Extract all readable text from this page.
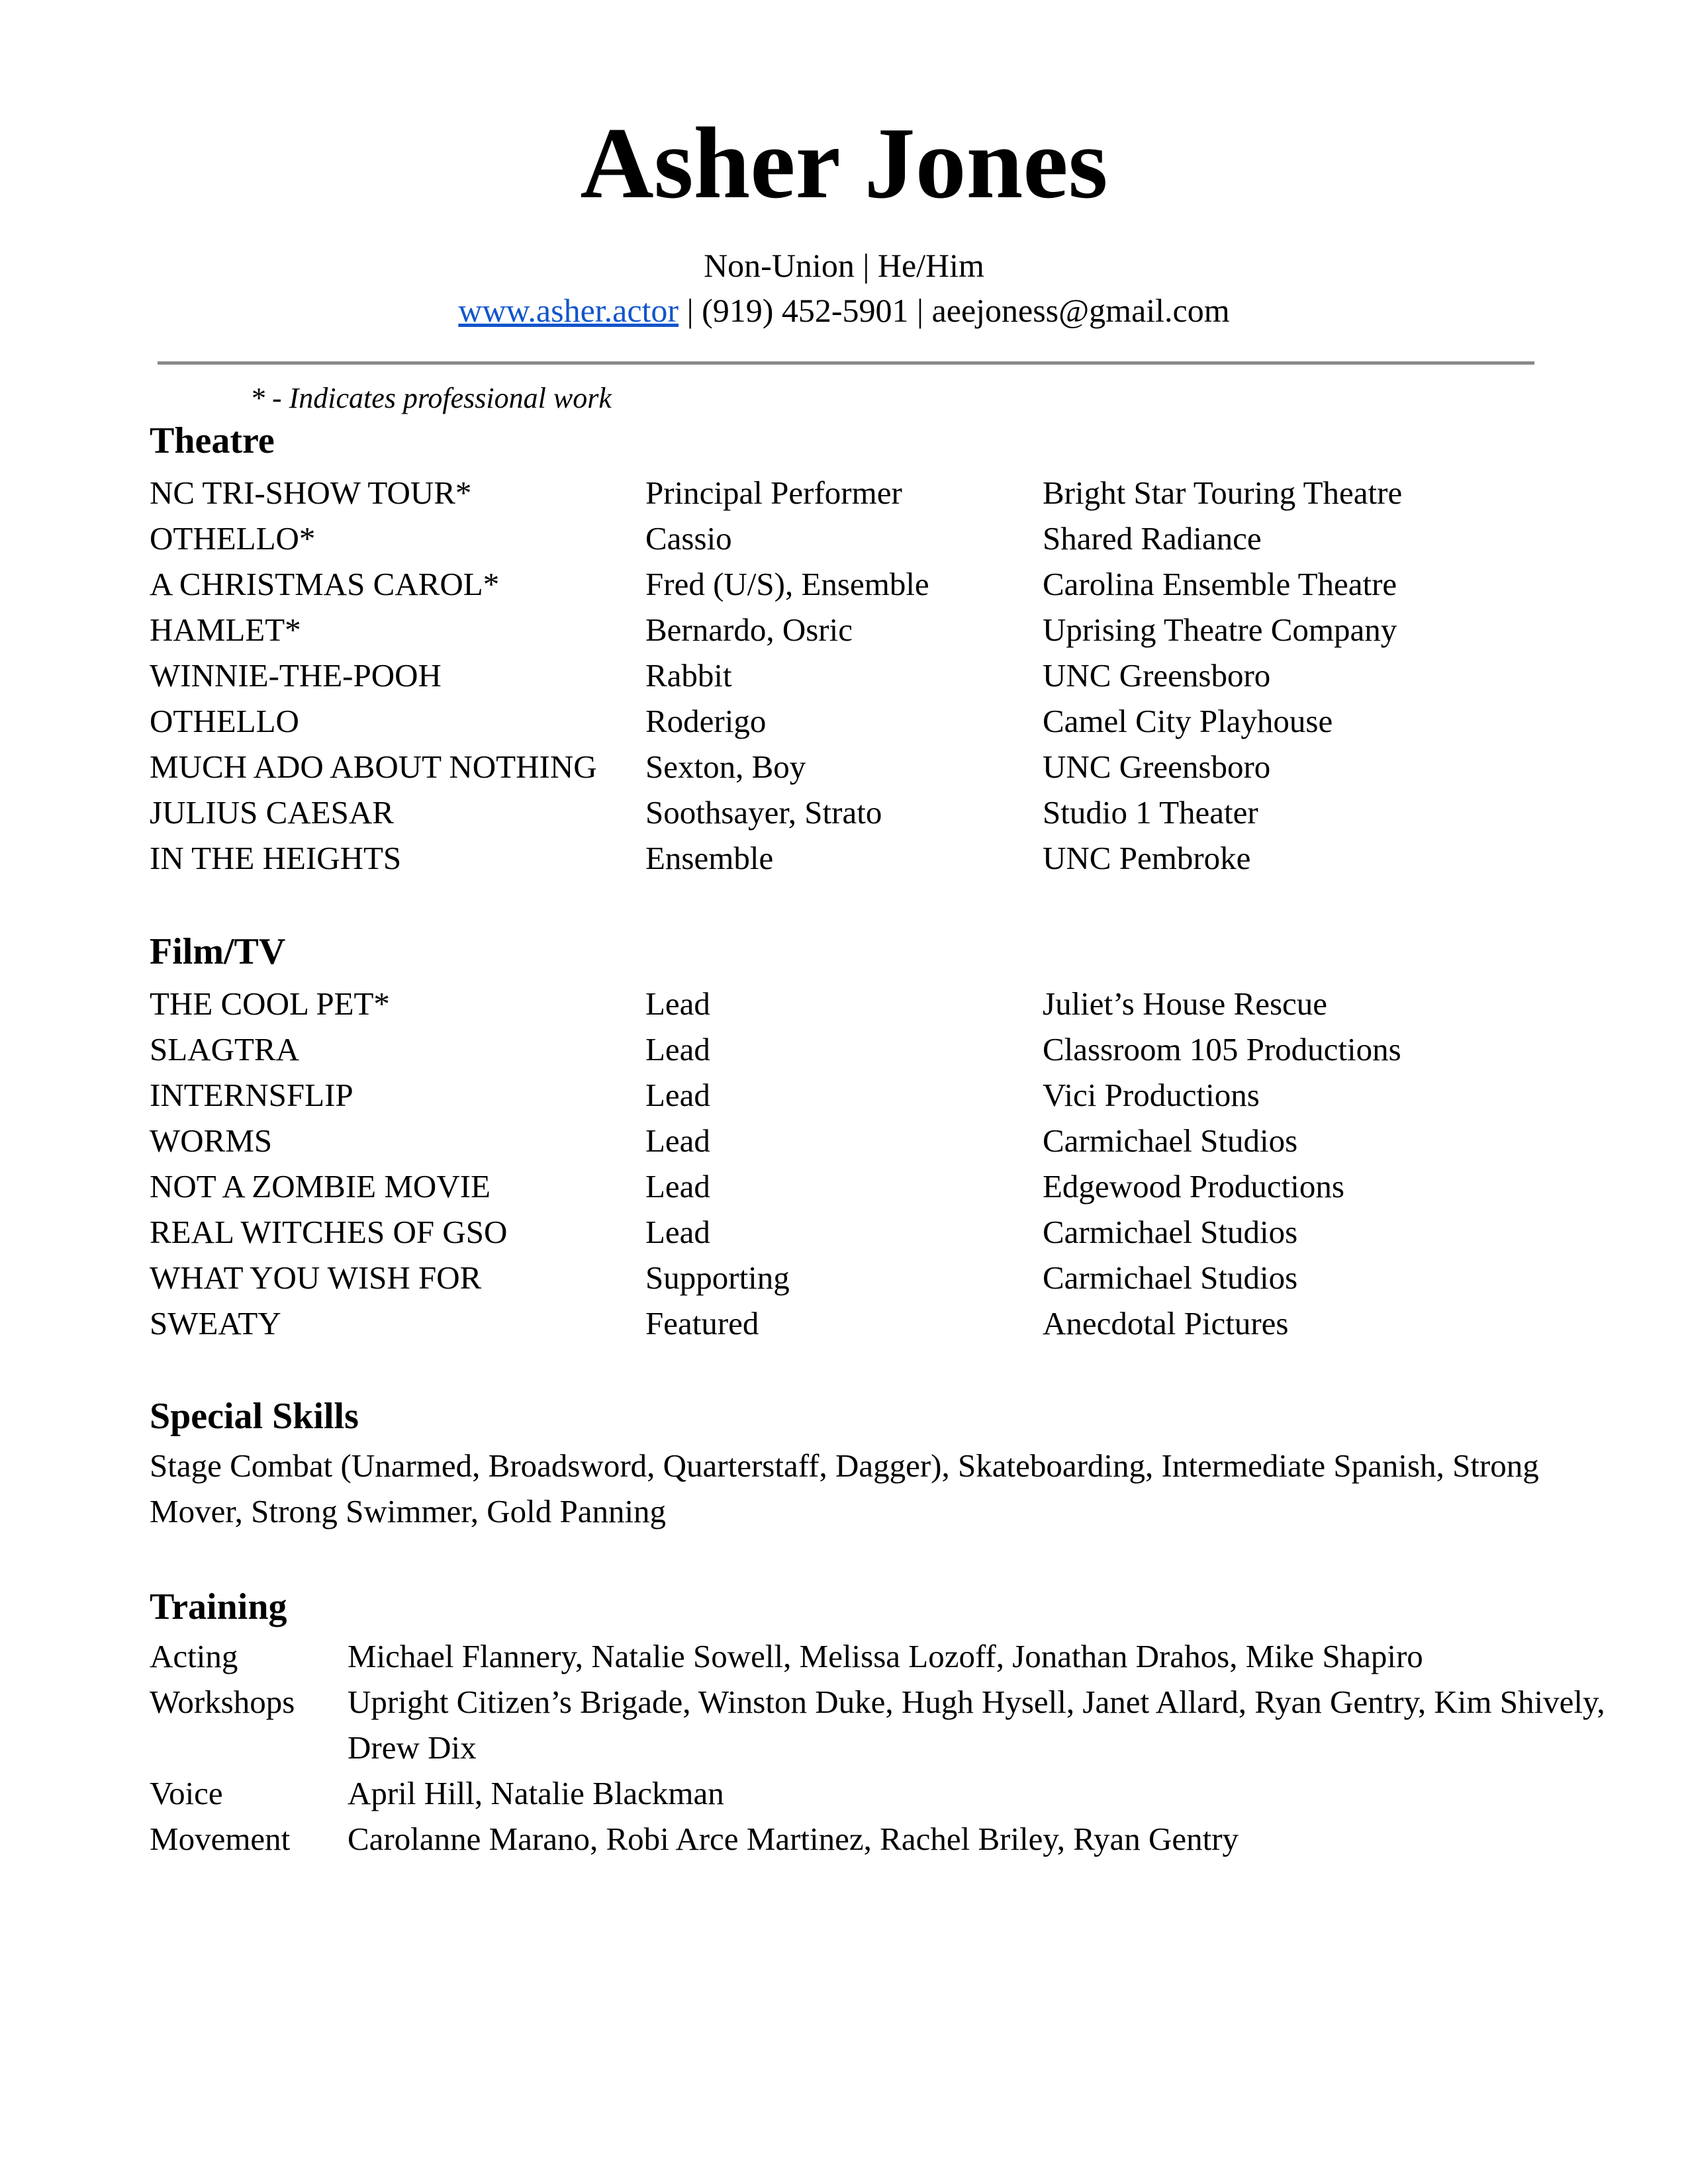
Asher Jones
Non-Union | He/Him
www.asher.actor | (919) 452-5901 | aeejoness@gmail.com
* - Indicates professional work
Theatre
NC TRI-SHOW TOUR*	Principal Performer	Bright Star Touring Theatre
OTHELLO*	Cassio	Shared Radiance
A CHRISTMAS CAROL*	Fred (U/S), Ensemble	Carolina Ensemble Theatre
HAMLET*	Bernardo, Osric	Uprising Theatre Company
WINNIE-THE-POOH	Rabbit	UNC Greensboro
OTHELLO	Roderigo	Camel City Playhouse
MUCH ADO ABOUT NOTHING Sexton, Boy	UNC Greensboro
JULIUS CAESAR	Soothsayer, Strato	Studio 1 Theater
IN THE HEIGHTS	Ensemble	UNC Pembroke
Film/TV
THE COOL PET*	Lead	Juliet’s House Rescue
SLAGTRA	Lead	Classroom 105 Productions
INTERNSFLIP	Lead	Vici Productions
WORMS	Lead	Carmichael Studios
NOT A ZOMBIE MOVIE	Lead	Edgewood Productions
REAL WITCHES OF GSO	Lead	Carmichael Studios
WHAT YOU WISH FOR	Supporting	Carmichael Studios
SWEATY	Featured	Anecdotal Pictures
Special Skills
Stage Combat (Unarmed, Broadsword, Quarterstaff, Dagger), Skateboarding, Intermediate Spanish, Strong Mover, Strong Swimmer, Gold Panning
Training
Acting	Michael Flannery, Natalie Sowell, Melissa Lozoff, Jonathan Drahos, Mike Shapiro
Workshops Upright Citizen’s Brigade, Winston Duke, Hugh Hysell, Janet Allard, Ryan Gentry, Kim Shively, Drew Dix
Voice	April Hill, Natalie Blackman
Movement Carolanne Marano, Robi Arce Martinez, Rachel Briley, Ryan Gentry
